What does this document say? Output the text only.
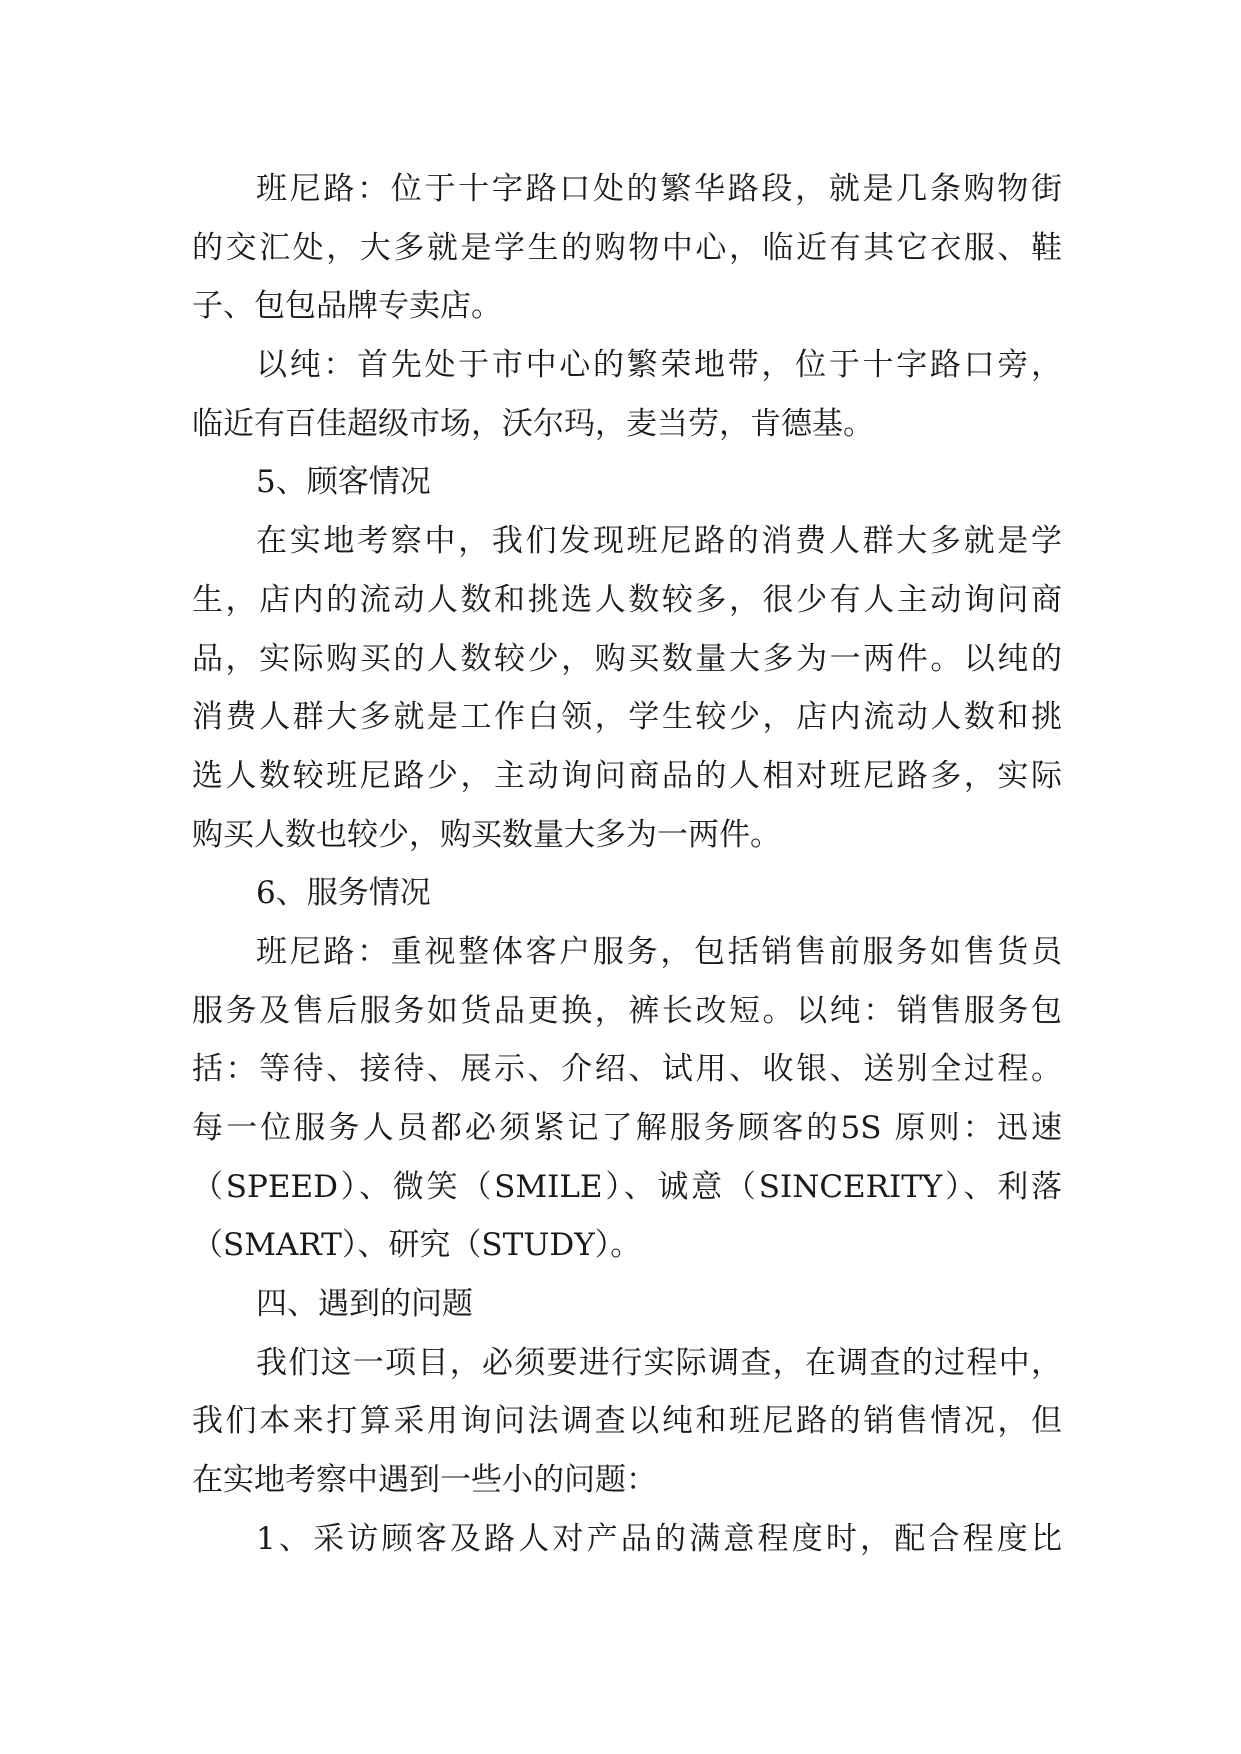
班尼路：位于十字路口处的繁华路段，就是几条购物街
的交汇处，大多就是学生的购物中心，临近有其它衣服、鞋
子、包包品牌专卖店。
以纯：首先处于市中心的繁荣地带，位于十字路口旁，
临近有百佳超级市场，沃尔玛，麦当劳，肯德基。
5、顾客情况
在实地考察中，我们发现班尼路的消费人群大多就是学
生，店内的流动人数和挑选人数较多，很少有人主动询问商
品，实际购买的人数较少，购买数量大多为一两件。以纯的
消费人群大多就是工作白领，学生较少，店内流动人数和挑
选人数较班尼路少，主动询问商品的人相对班尼路多，实际
购买人数也较少，购买数量大多为一两件。
6、服务情况
班尼路：重视整体客户服务，包括销售前服务如售货员
服务及售后服务如货品更换，裤长改短。以纯：销售服务包
括：等待、接待、展示、介绍、试用、收银、送别全过程。
每一位服务人员都必须紧记了解服务顾客的5S 原则：迅速
（SPEED）、微笑（SMILE）、诚意（SINCERITY）、利落
（SMART）、研究（STUDY）。
四、遇到的问题
我们这一项目，必须要进行实际调查，在调查的过程中，
我们本来打算采用询问法调查以纯和班尼路的销售情况，但
在实地考察中遇到一些小的问题：
1、采访顾客及路人对产品的满意程度时，配合程度比
